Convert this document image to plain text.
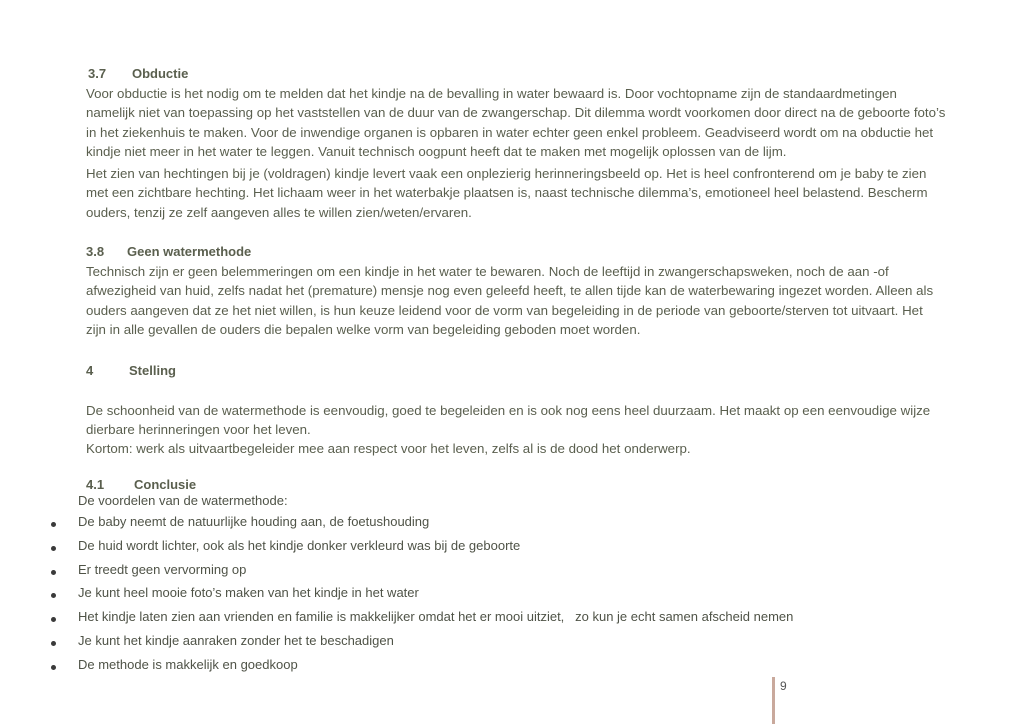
3.7 Obductie

Voor obductie is het nodig om te melden dat het kindje na de bevalling in water bewaard is. Door vochtopname zijn de standaardmetingen namelijk niet van toepassing op het vaststellen van de duur van de zwangerschap. Dit dilemma wordt voorkomen door direct na de geboorte foto’s in het ziekenhuis te maken. Voor de inwendige organen is opbaren in water echter geen enkel probleem. Geadviseerd wordt om na obductie het kindje niet meer in het water te leggen. Vanuit technisch oogpunt heeft dat te maken met mogelijk oplossen van de lijm.

Het zien van hechtingen bij je (voldragen) kindje levert vaak een onplezierig herinneringsbeeld op. Het is heel confronterend om je baby te zien met een zichtbare hechting. Het lichaam weer in het waterbakje plaatsen is, naast technische dilemma’s, emotioneel heel belastend. Bescherm ouders, tenzij ze zelf aangeven alles te willen zien/weten/ervaren.

3.8 Geen watermethode

Technisch zijn er geen belemmeringen om een kindje in het water te bewaren. Noch de leeftijd in zwangerschapsweken, noch de aan -of afwezigheid van huid, zelfs nadat het (premature) mensje nog even geleefd heeft, te allen tijde kan de waterbewaring ingezet worden. Alleen als ouders aangeven dat ze het niet willen, is hun keuze leidend voor de vorm van begeleiding in de periode van geboorte/sterven tot uitvaart. Het zijn in alle gevallen de ouders die bepalen welke vorm van begeleiding geboden moet worden.

4	Stelling

De schoonheid van de watermethode is eenvoudig, goed te begeleiden en is ook nog eens heel duurzaam. Het maakt op een eenvoudige wijze dierbare herinneringen voor het leven.

Kortom: werk als uitvaartbegeleider mee aan respect voor het leven, zelfs al is de dood het onderwerp.

4.1 Conclusie
De voordelen van de watermethode:
De baby neemt de natuurlijke houding aan, de foetushouding
De huid wordt lichter, ook als het kindje donker verkleurd was bij de geboorte
Er treedt geen vervorming op
Je kunt heel mooie foto’s maken van het kindje in het water
Het kindje laten zien aan vrienden en familie is makkelijker omdat het er mooi uitziet,   zo kun je echt samen afscheid nemen
Je kunt het kindje aanraken zonder het te beschadigen
De methode is makkelijk en goedkoop
9
